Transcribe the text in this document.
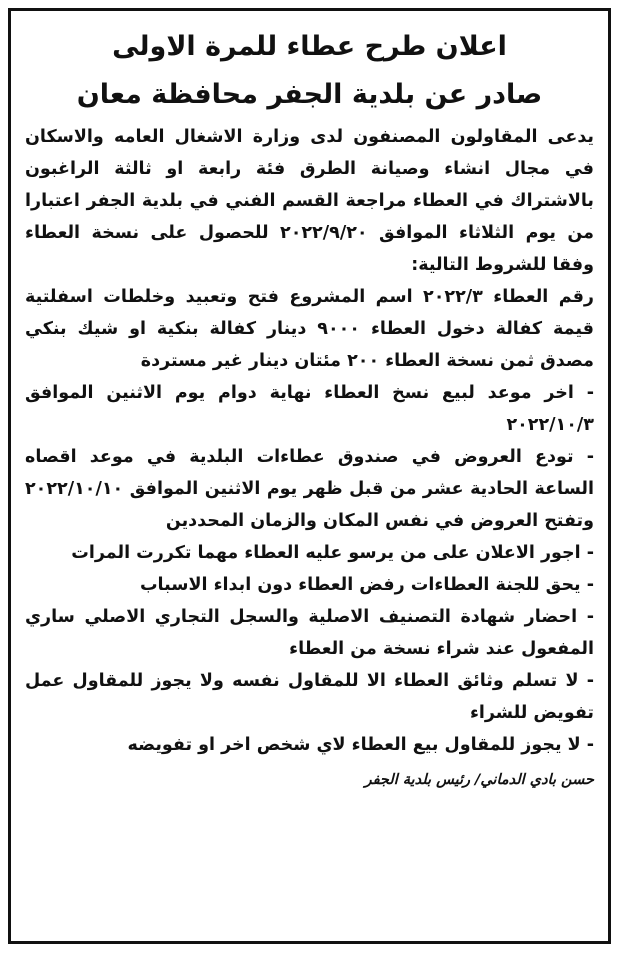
اعلان طرح عطاء للمرة الاولى
صادر عن بلدية الجفر محافظة معان

يدعى المقاولون المصنفون لدى وزارة الاشغال العامه والاسكان في مجال انشاء وصيانة الطرق فئة رابعة او ثالثة الراغبون بالاشتراك في العطاء مراجعة القسم الفني في بلدية الجفر اعتبارا من يوم الثلاثاء الموافق ٢٠٢٢/٩/٢٠ للحصول على نسخة العطاء وفقا للشروط التالية:

رقم العطاء ٢٠٢٢/٣ اسم المشروع فتح وتعبيد وخلطات اسفلتية قيمة كفالة دخول العطاء ٩٠٠٠ دينار كفالة بنكية او شيك بنكي مصدق ثمن نسخة العطاء ٢٠٠ مئتان دينار غير مستردة

- اخر موعد لبيع نسخ العطاء نهاية دوام يوم الاثنين الموافق ٢٠٢٢/١٠/٣

- تودع العروض في صندوق عطاءات البلدية في موعد اقصاه الساعة الحادية عشر من قبل ظهر يوم الاثنين الموافق ٢٠٢٢/١٠/١٠ وتفتح العروض في نفس المكان والزمان المحددين

- اجور الاعلان على من يرسو عليه العطاء مهما تكررت المرات

- يحق للجنة العطاءات رفض العطاء دون ابداء الاسباب

- احضار شهادة التصنيف الاصلية والسجل التجاري الاصلي ساري المفعول عند شراء نسخة من العطاء

- لا تسلم وثائق العطاء الا للمقاول نفسه ولا يجوز للمقاول عمل تفويض للشراء

- لا يجوز للمقاول بيع العطاء لاي شخص اخر او تفويضه

حسن بادي الدماني/ رئيس بلدية الجفر
